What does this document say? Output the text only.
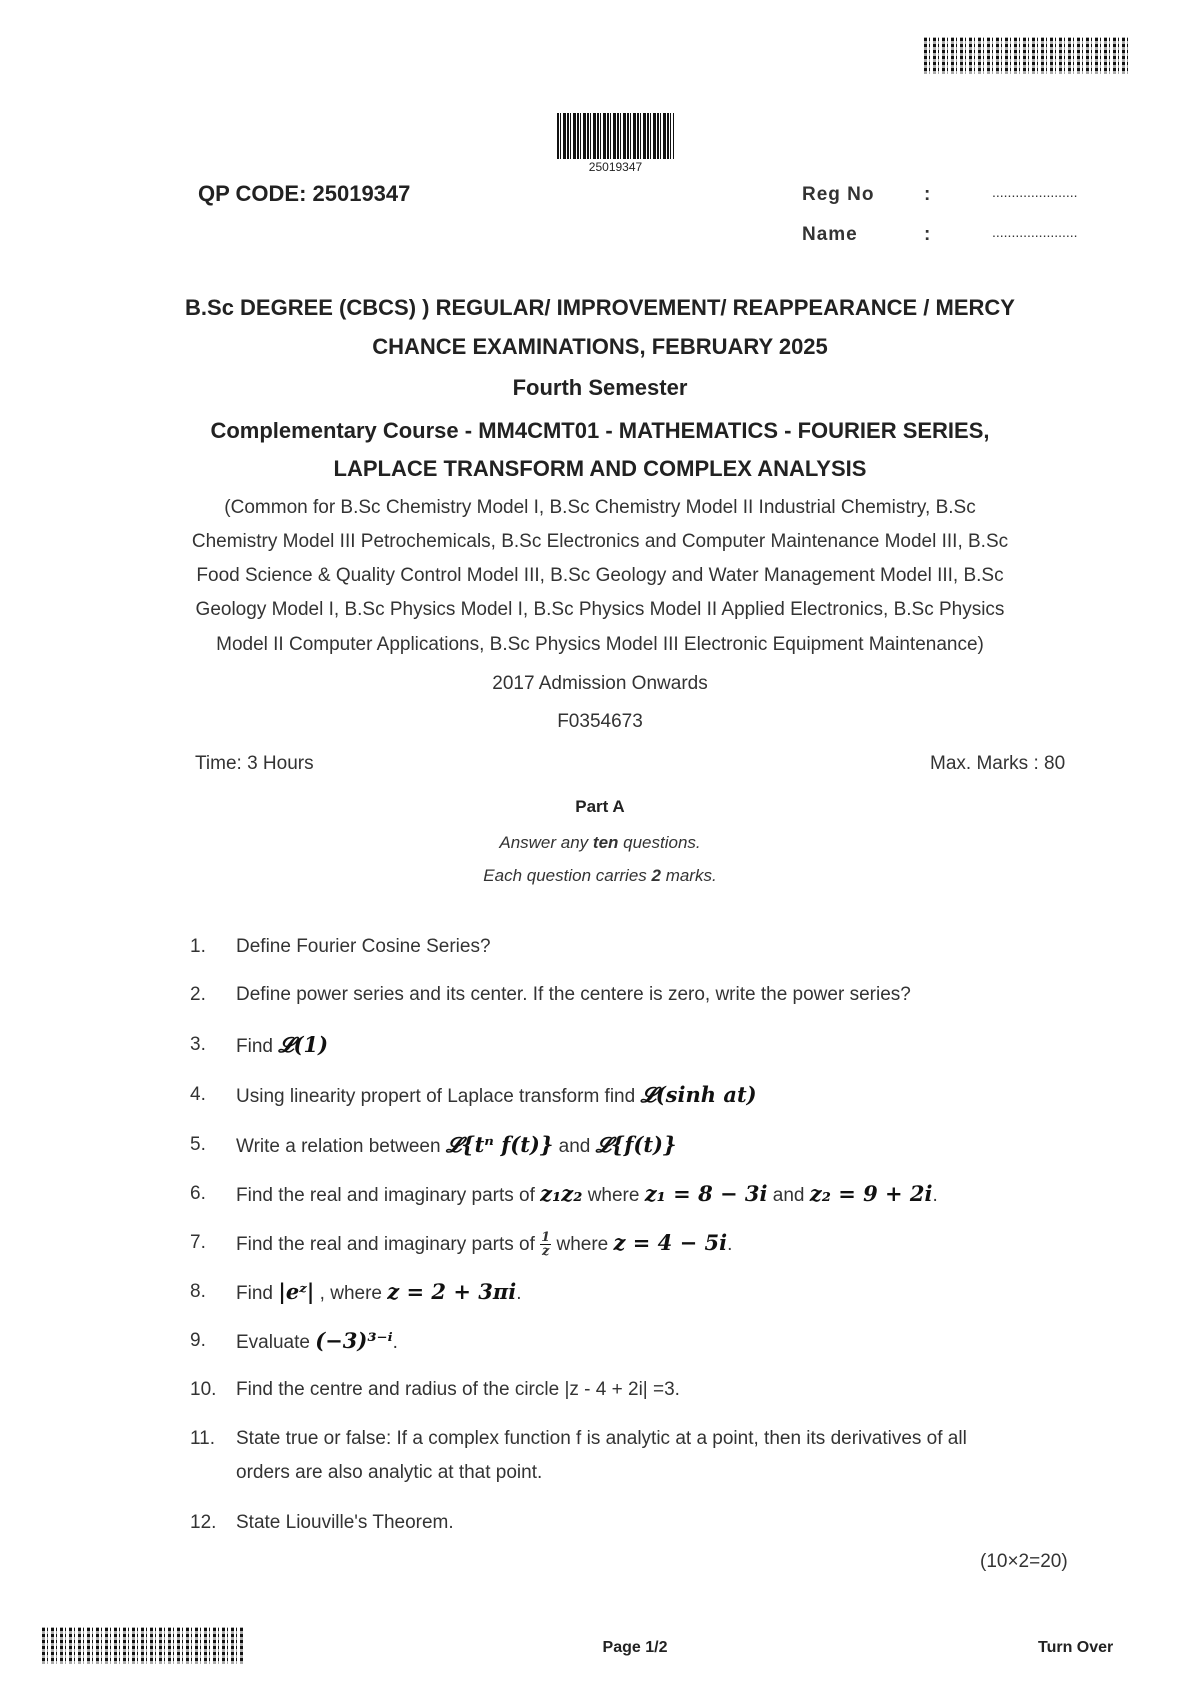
25019347
QP CODE: 25019347	Reg No	:	......................
Name	:	......................
B.Sc DEGREE (CBCS) ) REGULAR/ IMPROVEMENT/ REAPPEARANCE / MERCY
CHANCE EXAMINATIONS, FEBRUARY 2025
Fourth Semester
Complementary Course - MM4CMT01 - MATHEMATICS - FOURIER SERIES,
LAPLACE TRANSFORM AND COMPLEX ANALYSIS
(Common for B.Sc Chemistry Model I, B.Sc Chemistry Model II Industrial Chemistry, B.Sc
Chemistry Model III Petrochemicals, B.Sc Electronics and Computer Maintenance Model III, B.Sc
Food Science & Quality Control Model III, B.Sc Geology and Water Management Model III, B.Sc
Geology Model I, B.Sc Physics Model I, B.Sc Physics Model II Applied Electronics, B.Sc Physics
Model II Computer Applications, B.Sc Physics Model III Electronic Equipment Maintenance)
2017 Admission Onwards
F0354673
Time: 3 Hours	Max. Marks : 80
Part A
Answer any ten questions.
Each question carries 2 marks.
1. Define Fourier Cosine Series?
2. Define power series and its center. If the centere is zero, write the power series?
3. Find 𝓛(1)
4. Using linearity propert of Laplace transform find 𝓛(sinh at)
5. Write a relation between 𝓛{tⁿ f(t)} and 𝓛{f(t)}
6. Find the real and imaginary parts of z₁z₂ where z₁ = 8 − 3i and z₂ = 9 + 2i.
7. Find the real and imaginary parts of $\frac{1}{z}$ where z = 4 − 5i.
8. Find |eᶻ| , where z = 2 + 3πi.
9. Evaluate (−3)³⁻ⁱ.
10. Find the centre and radius of the circle |z - 4 + 2i| =3.
11. State true or false: If a complex function f is analytic at a point, then its derivatives of all
orders are also analytic at that point.
12. State Liouville's Theorem.
(10×2=20)
Page 1/2	Turn Over
